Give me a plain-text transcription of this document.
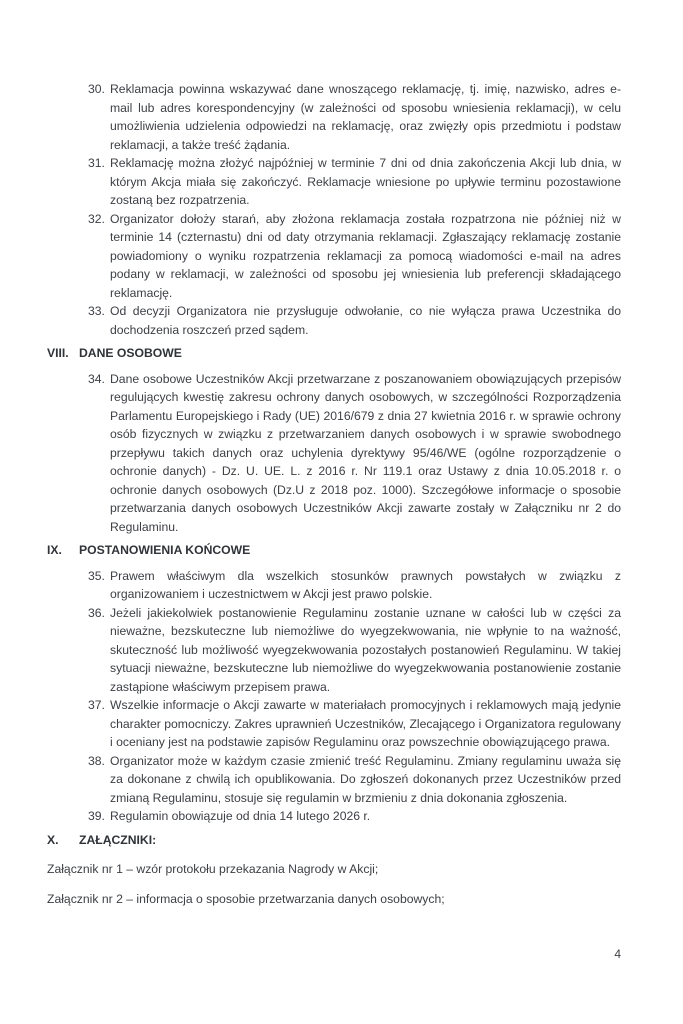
30. Reklamacja powinna wskazywać dane wnoszącego reklamację, tj. imię, nazwisko, adres e-mail lub adres korespondencyjny (w zależności od sposobu wniesienia reklamacji), w celu umożliwienia udzielenia odpowiedzi na reklamację, oraz zwięzły opis przedmiotu i podstaw reklamacji, a także treść żądania.
31. Reklamację można złożyć najpóźniej w terminie 7 dni od dnia zakończenia Akcji lub dnia, w którym Akcja miała się zakończyć. Reklamacje wniesione po upływie terminu pozostawione zostaną bez rozpatrzenia.
32. Organizator dołoży starań, aby złożona reklamacja została rozpatrzona nie później niż w terminie 14 (czternastu) dni od daty otrzymania reklamacji. Zgłaszający reklamację zostanie powiadomiony o wyniku rozpatrzenia reklamacji za pomocą wiadomości e-mail na adres podany w reklamacji, w zależności od sposobu jej wniesienia lub preferencji składającego reklamację.
33. Od decyzji Organizatora nie przysługuje odwołanie, co nie wyłącza prawa Uczestnika do dochodzenia roszczeń przed sądem.
VIII. DANE OSOBOWE
34. Dane osobowe Uczestników Akcji przetwarzane z poszanowaniem obowiązujących przepisów regulujących kwestię zakresu ochrony danych osobowych, w szczególności Rozporządzenia Parlamentu Europejskiego i Rady (UE) 2016/679 z dnia 27 kwietnia 2016 r. w sprawie ochrony osób fizycznych w związku z przetwarzaniem danych osobowych i w sprawie swobodnego przepływu takich danych oraz uchylenia dyrektywy 95/46/WE (ogólne rozporządzenie o ochronie danych) - Dz. U. UE. L. z 2016 r. Nr 119.1 oraz Ustawy z dnia 10.05.2018 r. o ochronie danych osobowych (Dz.U z 2018 poz. 1000). Szczegółowe informacje o sposobie przetwarzania danych osobowych Uczestników Akcji zawarte zostały w Załączniku nr 2 do Regulaminu.
IX.	POSTANOWIENIA KOŃCOWE
35. Prawem właściwym dla wszelkich stosunków prawnych powstałych w związku z organizowaniem i uczestnictwem w Akcji jest prawo polskie.
36. Jeżeli jakiekolwiek postanowienie Regulaminu zostanie uznane w całości lub w części za nieważne, bezskuteczne lub niemożliwe do wyegzekwowania, nie wpłynie to na ważność, skuteczność lub możliwość wyegzekwowania pozostałych postanowień Regulaminu. W takiej sytuacji nieważne, bezskuteczne lub niemożliwe do wyegzekwowania postanowienie zostanie zastąpione właściwym przepisem prawa.
37. Wszelkie informacje o Akcji zawarte w materiałach promocyjnych i reklamowych mają jedynie charakter pomocniczy. Zakres uprawnień Uczestników, Zlecającego i Organizatora regulowany i oceniany jest na podstawie zapisów Regulaminu oraz powszechnie obowiązującego prawa.
38. Organizator może w każdym czasie zmienić treść Regulaminu. Zmiany regulaminu uważa się za dokonane z chwilą ich opublikowania. Do zgłoszeń dokonanych przez Uczestników przed zmianą Regulaminu, stosuje się regulamin w brzmieniu z dnia dokonania zgłoszenia.
39. Regulamin obowiązuje od dnia 14 lutego 2026 r.
X.	ZAŁĄCZNIKI:
Załącznik nr 1 – wzór protokołu przekazania Nagrody w Akcji;
Załącznik nr 2 – informacja o sposobie przetwarzania danych osobowych;
4
